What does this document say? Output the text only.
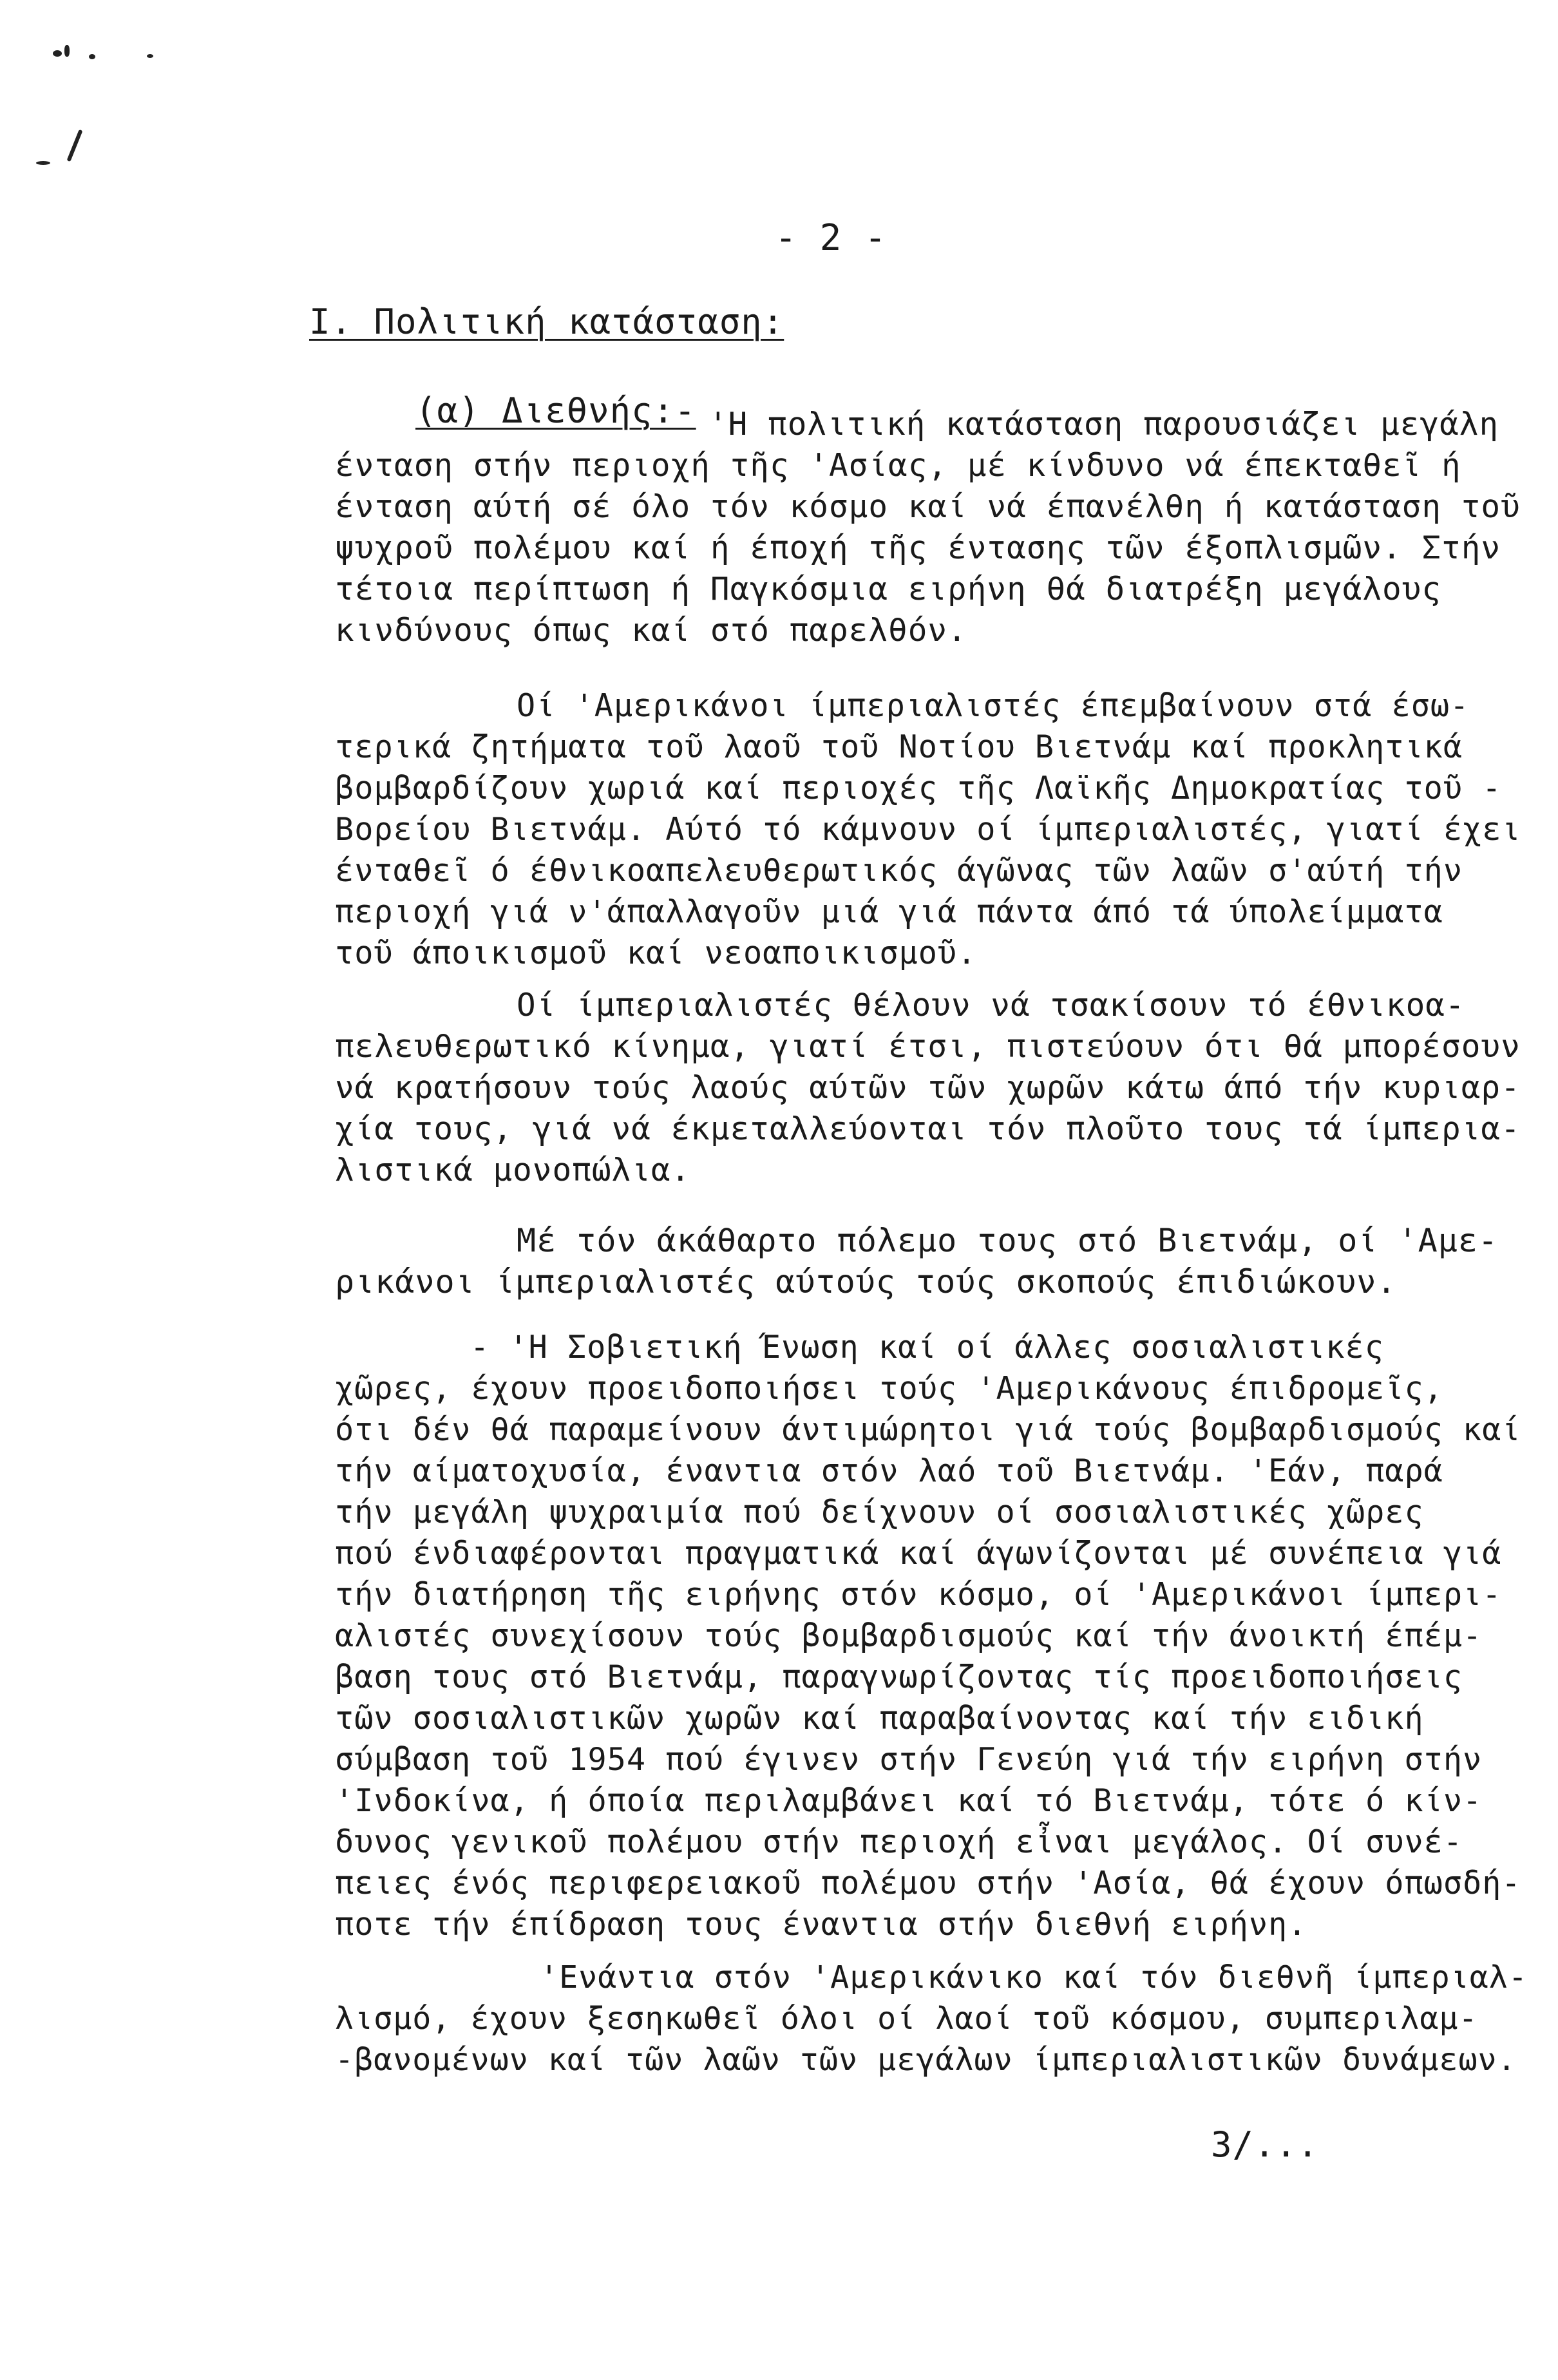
- 2 -
I. Πολιτική κατάσταση:
(α) Διεθνής:- 'Η πολιτική κατάσταση παρουσιάζει μεγάλη
ένταση στήν περιοχή τῆς 'Ασίας, μέ κίνδυνο νά έπεκταθεῖ ή
ένταση αύτή σέ όλο τόν κόσμο καί νά έπανέλθη ή κατάσταση τοῦ
ψυχροῦ πολέμου καί ή έποχή τῆς έντασης τῶν έξοπλισμῶν. Στήν
τέτοια περίπτωση ή Παγκόσμια ειρήνη θά διατρέξη μεγάλους
κινδύνους όπως καί στό παρελθόν.
Οί 'Αμερικάνοι ίμπεριαλιστές έπεμβαίνουν στά έσω-
τερικά ζητήματα τοῦ λαοῦ τοῦ Νοτίου Βιετνάμ καί προκλητικά
βομβαρδίζουν χωριά καί περιοχές τῆς Λαϊκῆς Δημοκρατίας τοῦ -
Βορείου Βιετνάμ. Αύτό τό κάμνουν οί ίμπεριαλιστές, γιατί έχει
ένταθεῖ ό έθνικοαπελευθερωτικός άγῶνας τῶν λαῶν σ'αύτή τήν
περιοχή γιά ν'άπαλλαγοῦν μιά γιά πάντα άπό τά ύπολείμματα
τοῦ άποικισμοῦ καί νεοαποικισμοῦ.
Οί ίμπεριαλιστές θέλουν νά τσακίσουν τό έθνικοα-
πελευθερωτικό κίνημα, γιατί έτσι, πιστεύουν ότι θά μπορέσουν
νά κρατήσουν τούς λαούς αύτῶν τῶν χωρῶν κάτω άπό τήν κυριαρ-
χία τους, γιά νά έκμεταλλεύονται τόν πλοῦτο τους τά ίμπερια-
λιστικά μονοπώλια.
Μέ τόν άκάθαρτο πόλεμο τους στό Βιετνάμ, οί 'Αμε-
ρικάνοι ίμπεριαλιστές αύτούς τούς σκοπούς έπιδιώκουν.
- 'Η Σοβιετική Ένωση καί οί άλλες σοσιαλιστικές
χῶρες, έχουν προειδοποιήσει τούς 'Αμερικάνους έπιδρομεῖς,
ότι δέν θά παραμείνουν άντιμώρητοι γιά τούς βομβαρδισμούς καί
τήν αίματοχυσία, έναντια στόν λαό τοῦ Βιετνάμ. 'Εάν, παρά
τήν μεγάλη ψυχραιμία πού δείχνουν οί σοσιαλιστικές χῶρες
πού ένδιαφέρονται πραγματικά καί άγωνίζονται μέ συνέπεια γιά
τήν διατήρηση τῆς ειρήνης στόν κόσμο, οί 'Αμερικάνοι ίμπερι-
αλιστές συνεχίσουν τούς βομβαρδισμούς καί τήν άνοικτή έπέμ-
βαση τους στό Βιετνάμ, παραγνωρίζοντας τίς προειδοποιήσεις
τῶν σοσιαλιστικῶν χωρῶν καί παραβαίνοντας καί τήν ειδική
σύμβαση τοῦ 1954 πού έγινεν στήν Γενεύη γιά τήν ειρήνη στήν
'Ινδοκίνα, ή όποία περιλαμβάνει καί τό Βιετνάμ, τότε ό κίν-
δυνος γενικοῦ πολέμου στήν περιοχή εἶναι μεγάλος. Οί συνέ-
πειες ένός περιφερειακοῦ πολέμου στήν 'Ασία, θά έχουν όπωσδή-
ποτε τήν έπίδραση τους έναντια στήν διεθνή ειρήνη.
'Ενάντια στόν 'Αμερικάνικο καί τόν διεθνῆ ίμπεριαλ-
λισμό, έχουν ξεσηκωθεῖ όλοι οί λαοί τοῦ κόσμου, συμπεριλαμ-
-βανομένων καί τῶν λαῶν τῶν μεγάλων ίμπεριαλιστικῶν δυνάμεων.
3/...
